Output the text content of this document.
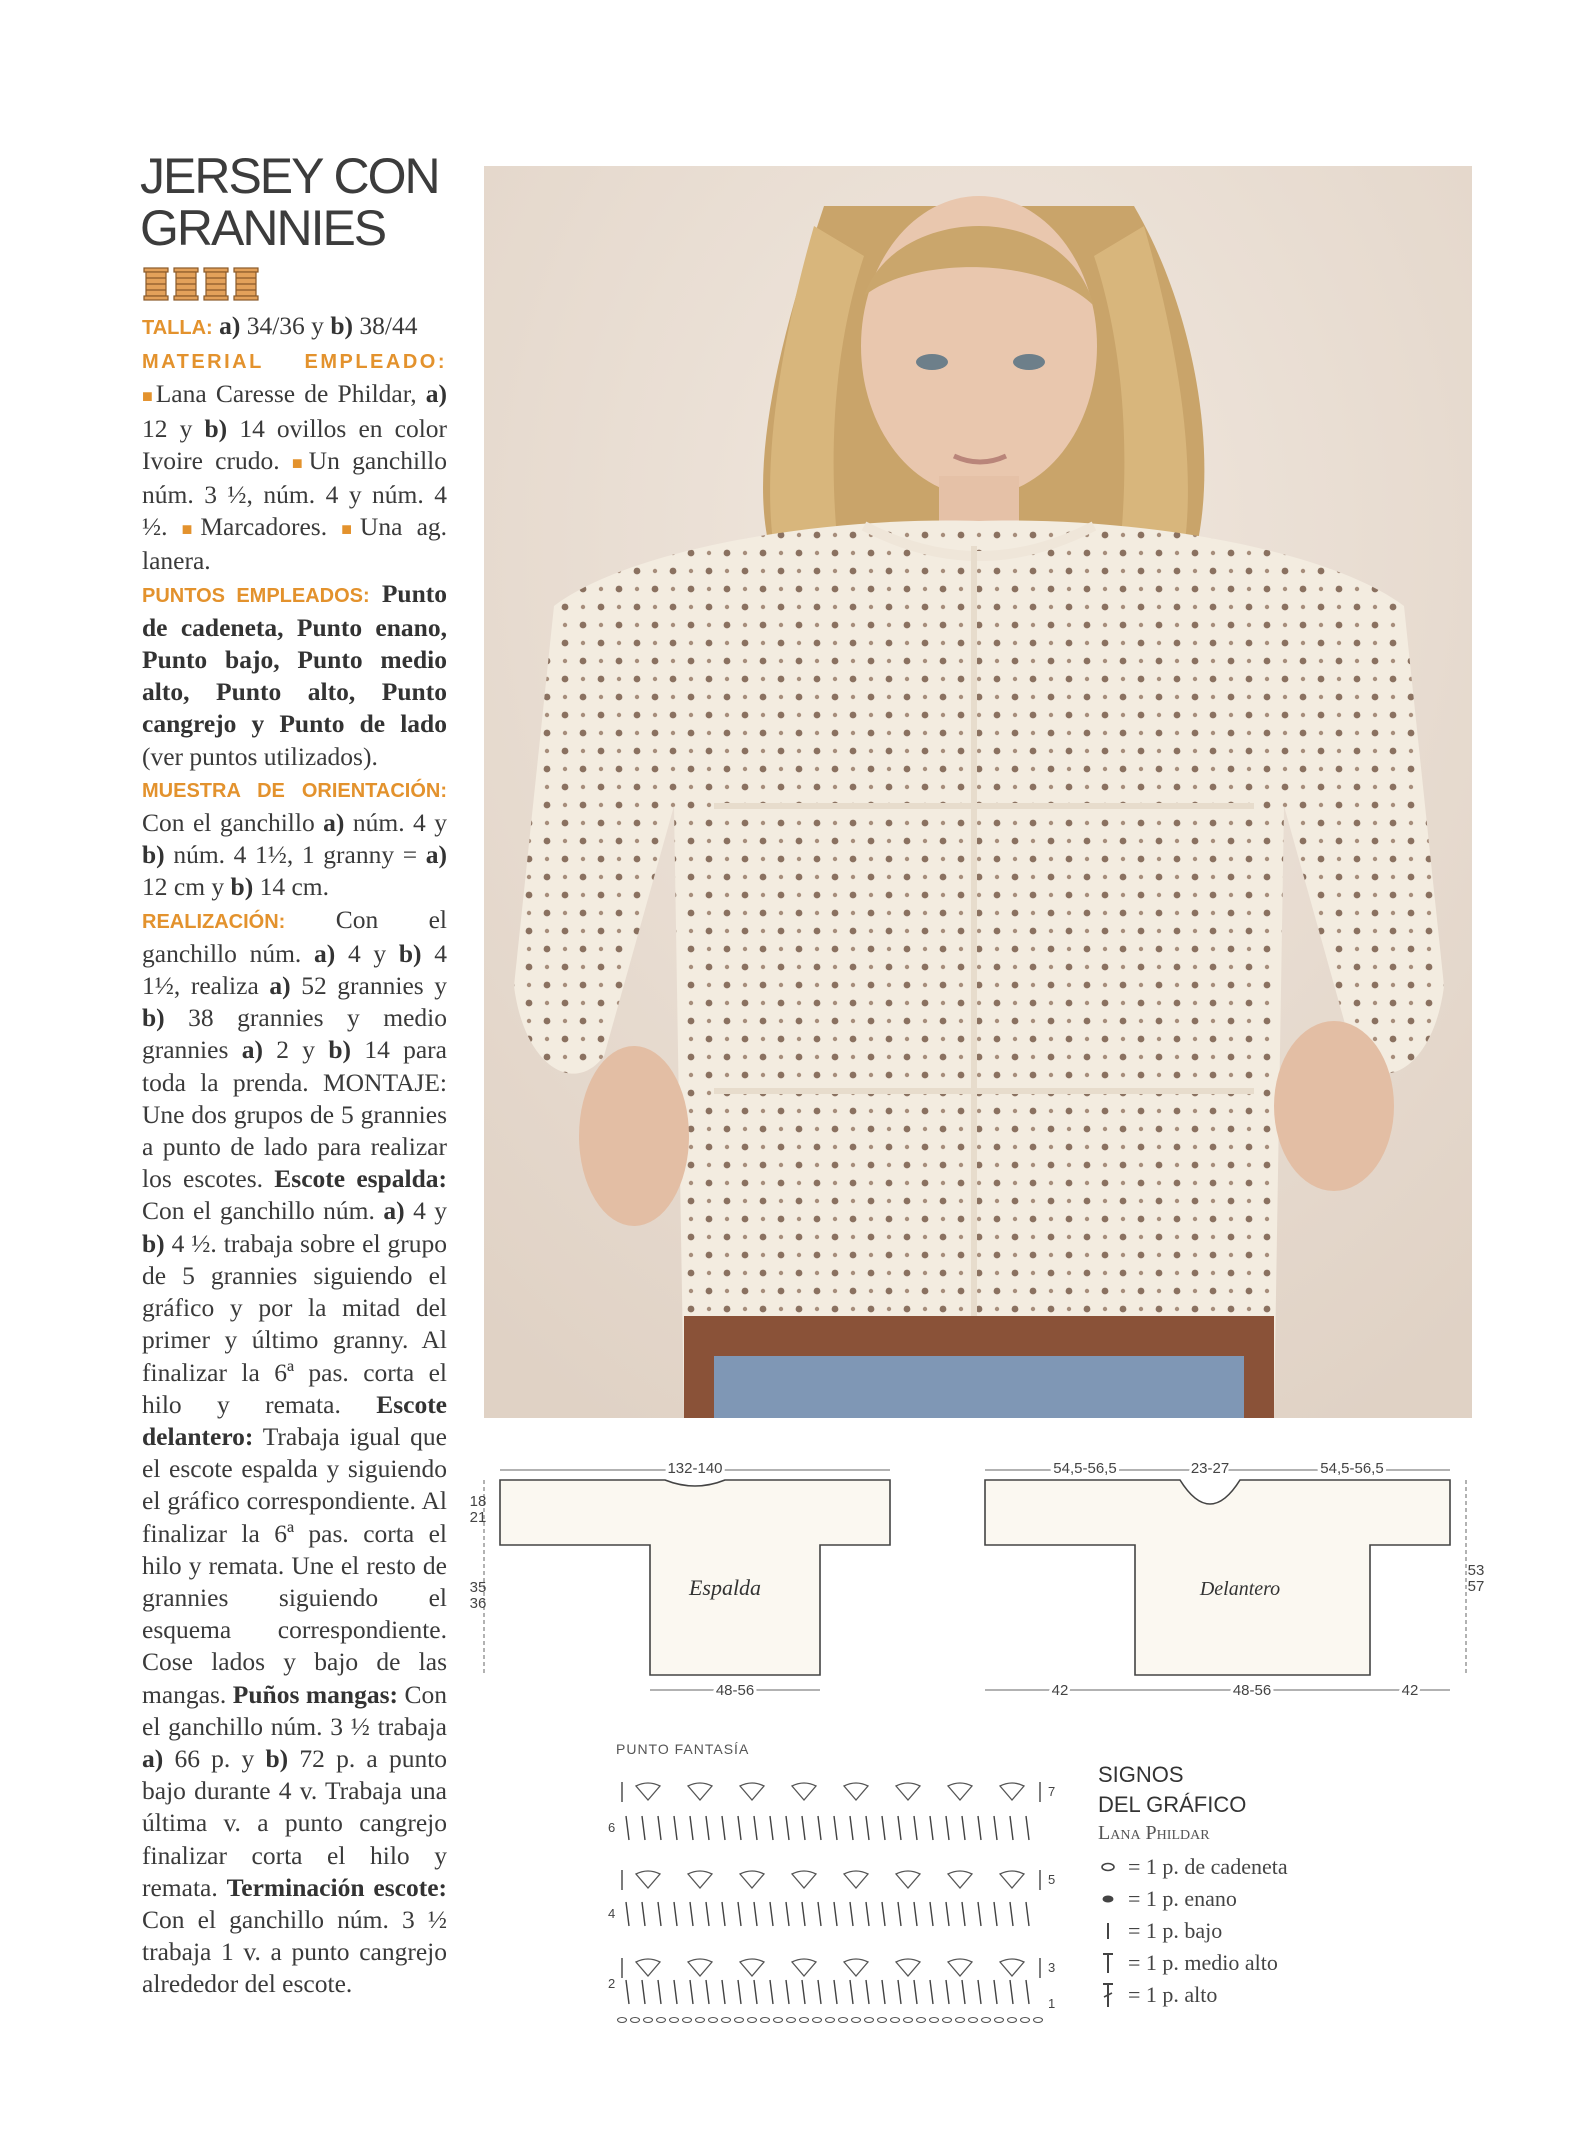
JERSEY CON GRANNIES

TALLA: a) 34/36 y b) 38/44

MATERIAL EMPLEADO: ■Lana Caresse de Phildar, a) 12 y b) 14 ovillos en color Ivoire crudo. ■Un ganchillo núm. 3 ½, núm. 4 y núm. 4 ½. ■Marcadores. ■Una ag. lanera.

PUNTOS EMPLEADOS: Punto de cadeneta, Punto enano, Punto bajo, Punto medio alto, Punto alto, Punto cangrejo y Punto de lado (ver puntos utilizados).

MUESTRA DE ORIENTACIÓN: Con el ganchillo a) núm. 4 y b) núm. 4 1½, 1 granny = a) 12 cm y b) 14 cm.

REALIZACIÓN: Con el ganchillo núm. a) 4 y b) 4 1½, realiza a) 52 grannies y b) 38 grannies y medio grannies a) 2 y b) 14 para toda la prenda. MONTAJE: Une dos grupos de 5 grannies a punto de lado para realizar los escotes. Escote espalda: Con el ganchillo núm. a) 4 y b) 4 ½. trabaja sobre el grupo de 5 grannies siguiendo el gráfico y por la mitad del primer y último granny. Al finalizar la 6ª pas. corta el hilo y remata. Escote delantero: Trabaja igual que el escote espalda y siguiendo el gráfico correspondiente. Al finalizar la 6ª pas. corta el hilo y remata. Une el resto de grannies siguiendo el esquema correspondiente. Cose lados y bajo de las mangas. Puños mangas: Con el ganchillo núm. 3 ½ trabaja a) 66 p. y b) 72 p. a punto bajo durante 4 v. Trabaja una última v. a punto cangrejo finalizar corta el hilo y remata. Terminación escote: Con el ganchillo núm. 3 ½ trabaja 1 v. a punto cangrejo alrededor del escote.

132-140
18
21
35
36
Espalda
48-56
54,5-56,5	23-27	54,5-56,5
53
57
Delantero
42	48-56	42
PUNTO FANTASÍA
7
5
3
1
6
4
2

SIGNOS
DEL GRÁFICO

Lana Phildar

= 1 p. de cadeneta
= 1 p. enano
= 1 p. bajo
= 1 p. medio alto
= 1 p. alto
